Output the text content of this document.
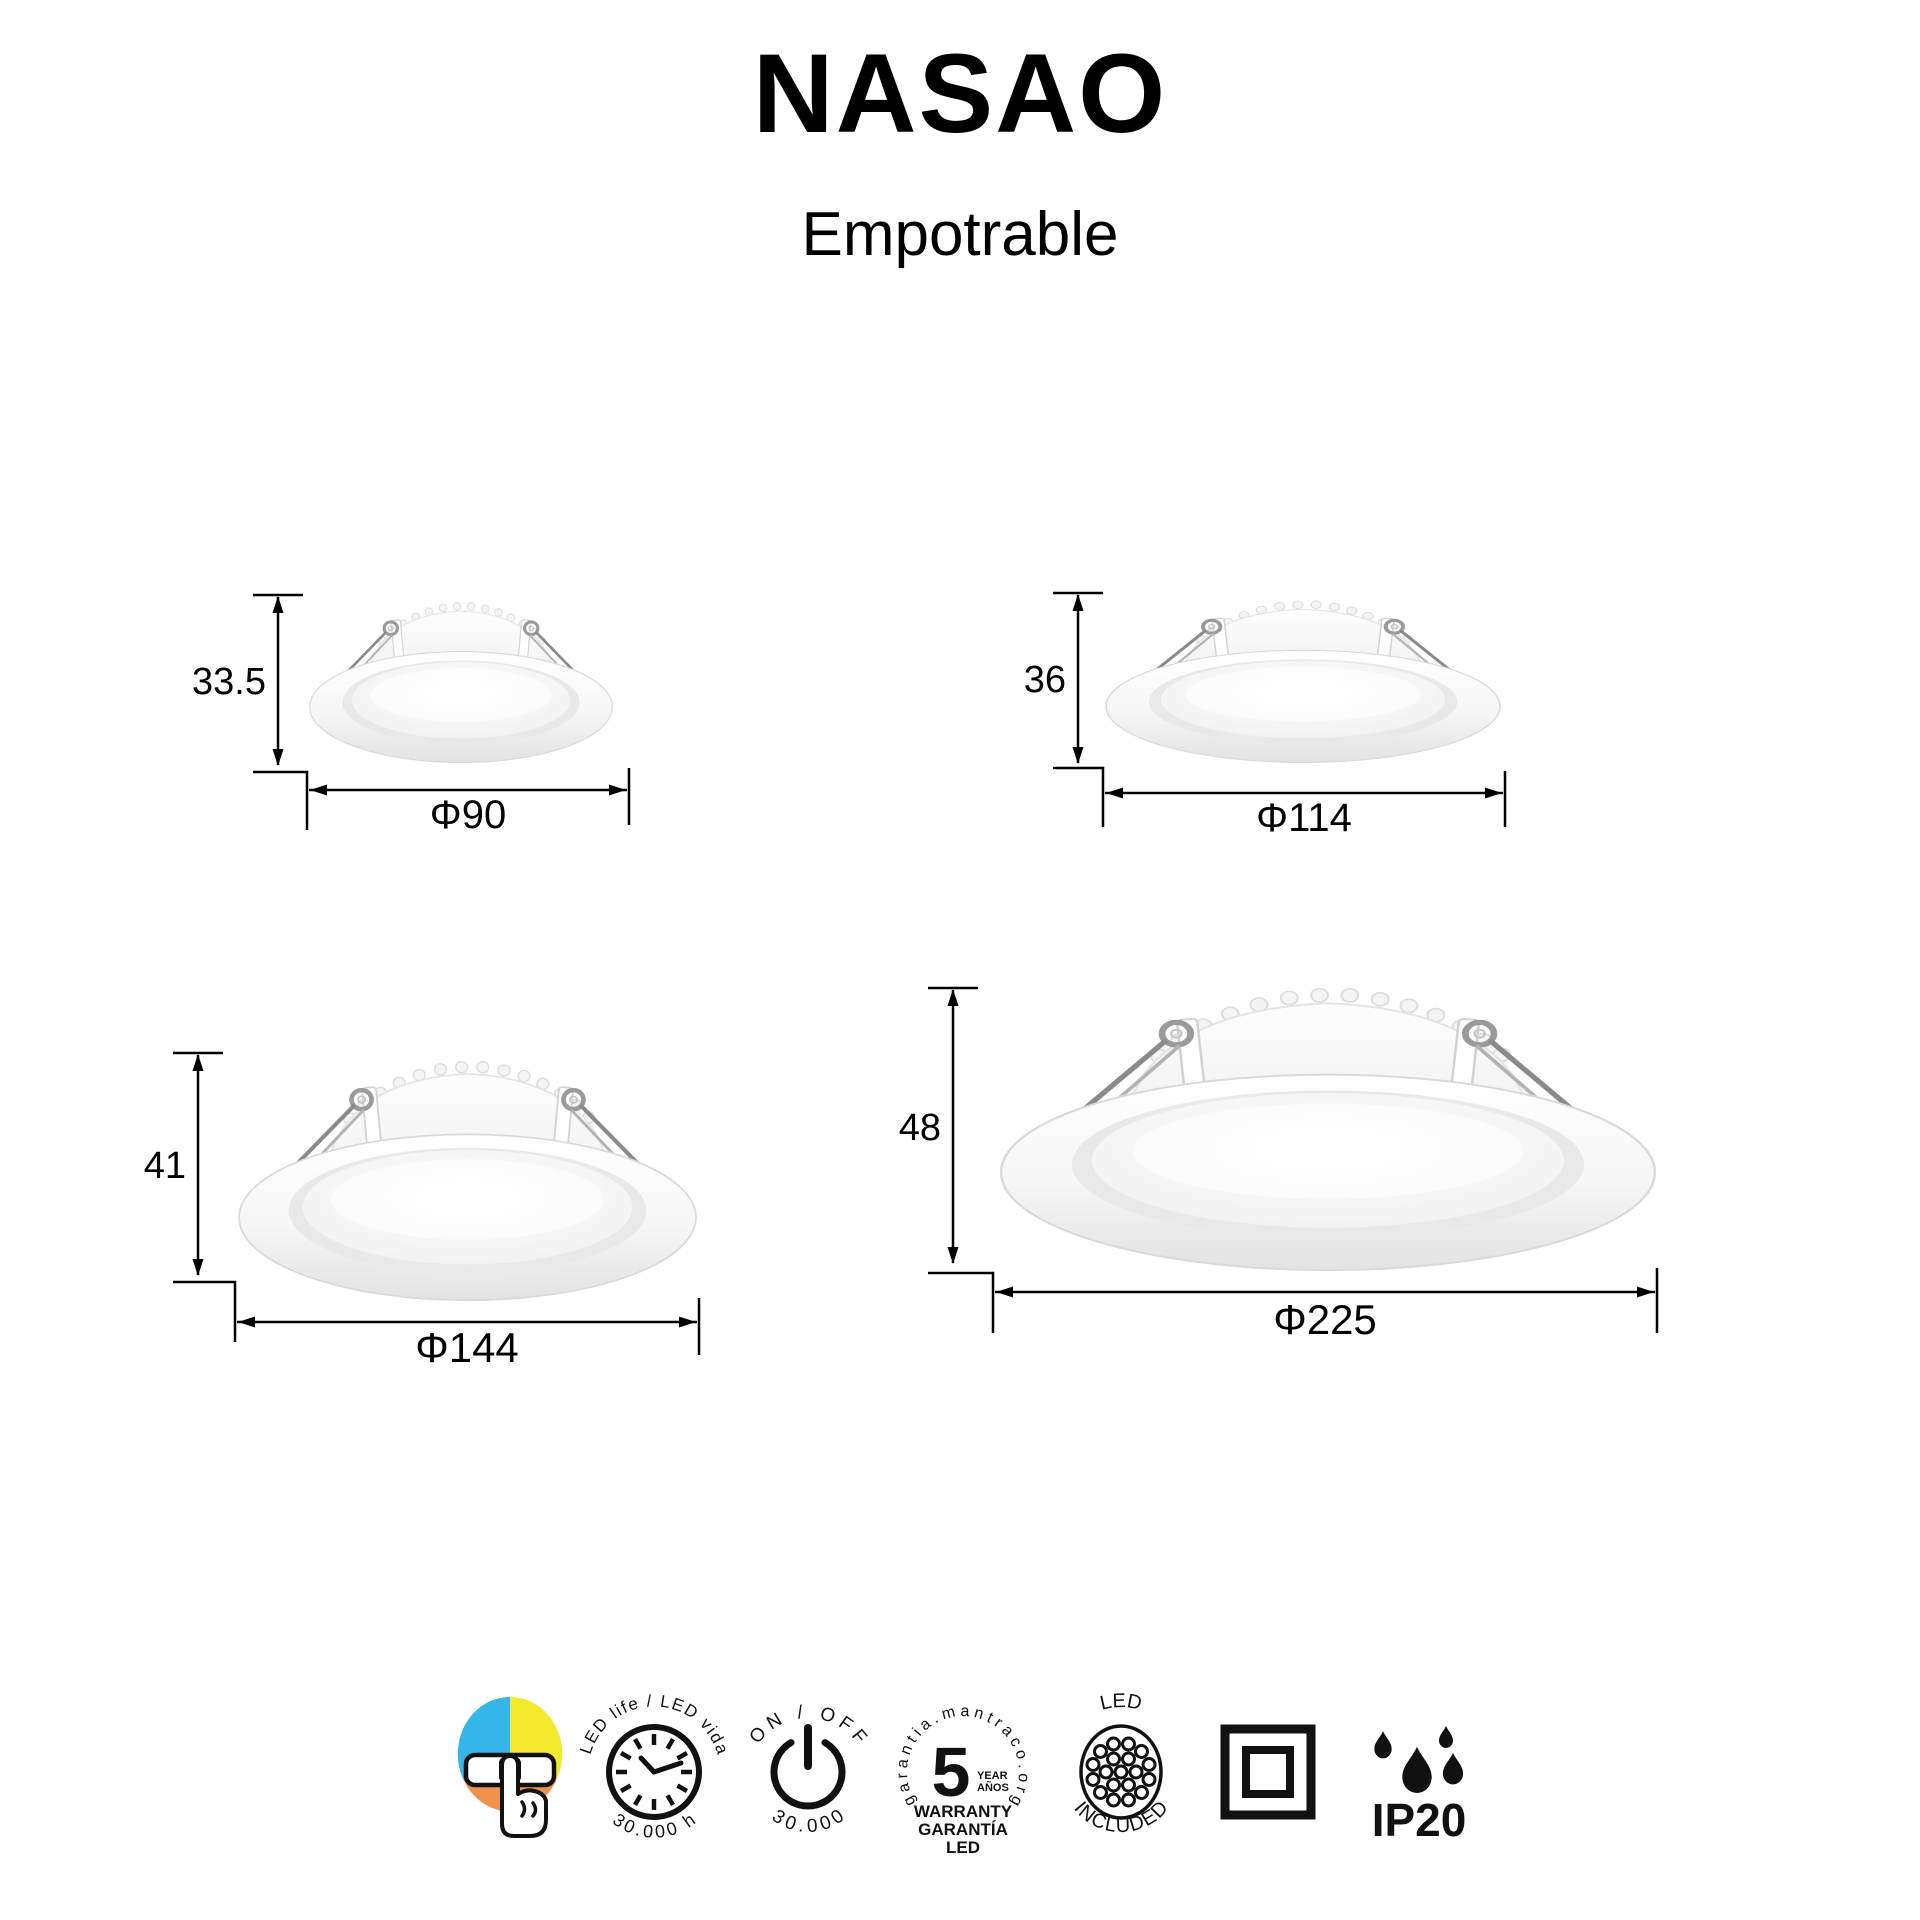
NASAO
Empotrable
33.5
Φ90
36
Φ114
41
Φ144
48
Φ225
LED life / LED vida
30.000 h
ON / OFF
30.000
garantia.mantraco.org
5 YEAR
AÑOS
WARRANTY
GARANTÍA
LED
LED
INCLUDED	IP20
